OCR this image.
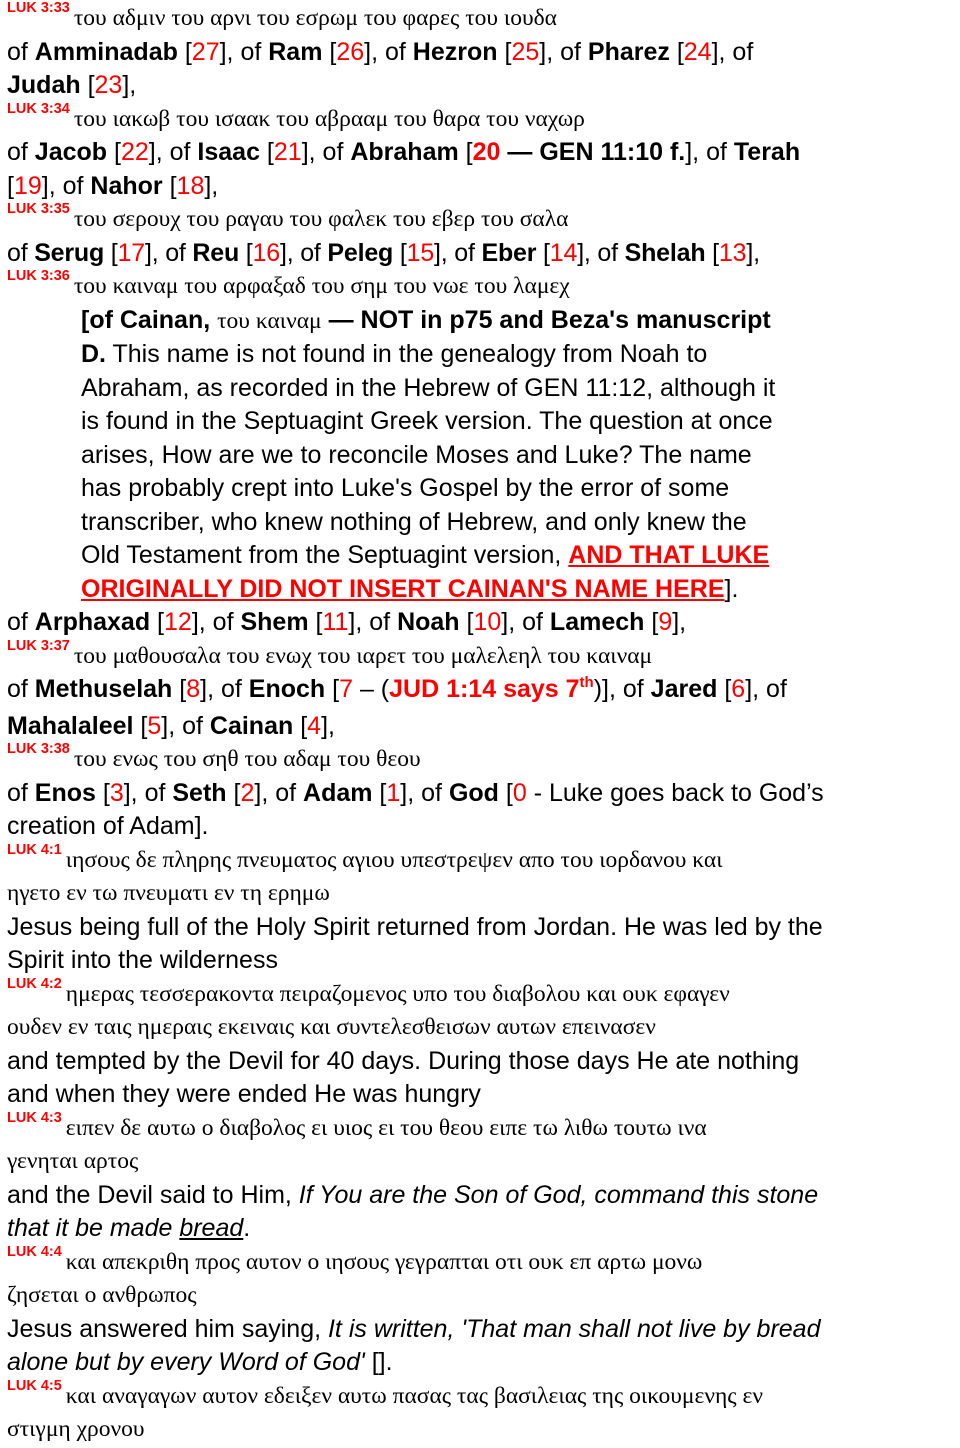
LUK 3:33 του αδμιν του αρνι του εσρωμ του φαρες του ιουδα

of Amminadab [27], of Ram [26], of Hezron [25], of Pharez [24], of

Judah [23],

LUK 3:34 του ιακωβ του ισαακ του αβρααμ του θαρα του ναχωρ

of Jacob [22], of Isaac [21], of Abraham [20 — GEN 11:10 f.], of Terah

[19], of Nahor [18],

LUK 3:35 του σερουχ του ραγαυ του φαλεκ του εβερ του σαλα

of Serug [17], of Reu [16], of Peleg [15], of Eber [14], of Shelah [13],

LUK 3:36 του καιναμ του αρφαξαδ του σημ του νωε του λαμεχ

[of Cainan, του καιναμ — NOT in p75 and Beza's manuscript

D. This name is not found in the genealogy from Noah to

Abraham, as recorded in the Hebrew of GEN 11:12, although it

is found in the Septuagint Greek version. The question at once

arises, How are we to reconcile Moses and Luke? The name

has probably crept into Luke's Gospel by the error of some

transcriber, who knew nothing of Hebrew, and only knew the

Old Testament from the Septuagint version, AND THAT LUKE

ORIGINALLY DID NOT INSERT CAINAN'S NAME HERE].

of Arphaxad [12], of Shem [11], of Noah [10], of Lamech [9],

LUK 3:37 του μαθουσαλα του ενωχ του ιαρετ του μαλελεηλ του καιναμ

of Methuselah [8], of Enoch [7 – (JUD 1:14 says 7th)], of Jared [6], of

Mahalaleel [5], of Cainan [4],

LUK 3:38 του ενως του σηθ του αδαμ του θεου

of Enos [3], of Seth [2], of Adam [1], of God [0 - Luke goes back to God’s

creation of Adam].

LUK 4:1 ιησους δε πληρης πνευματος αγιου υπεστρεψεν απο του ιορδανου και
ηγετο εν τω πνευματι εν τη ερημω

Jesus being full of the Holy Spirit returned from Jordan. He was led by the

Spirit into the wilderness

LUK 4:2 ημερας τεσσερακοντα πειραζομενος υπο του διαβολου και ουκ εφαγεν
ουδεν εν ταις ημεραις εκειναις και συντελεσθεισων αυτων επεινασεν

and tempted by the Devil for 40 days. During those days He ate nothing

and when they were ended He was hungry

LUK 4:3 ειπεν δε αυτω ο διαβολος ει υιος ει του θεου ειπε τω λιθω τουτω ινα
γενηται αρτος

and the Devil said to Him, If You are the Son of God, command this stone

that it be made bread.

LUK 4:4 και απεκριθη προς αυτον ο ιησους γεγραπται οτι ουκ επ αρτω μονω
ζησεται ο ανθρωπος

Jesus answered him saying, It is written, 'That man shall not live by bread

alone but by every Word of God' [].

LUK 4:5 και αναγαγων αυτον εδειξεν αυτω πασας τας βασιλειας της οικουμενης εν
στιγμη χρονου
